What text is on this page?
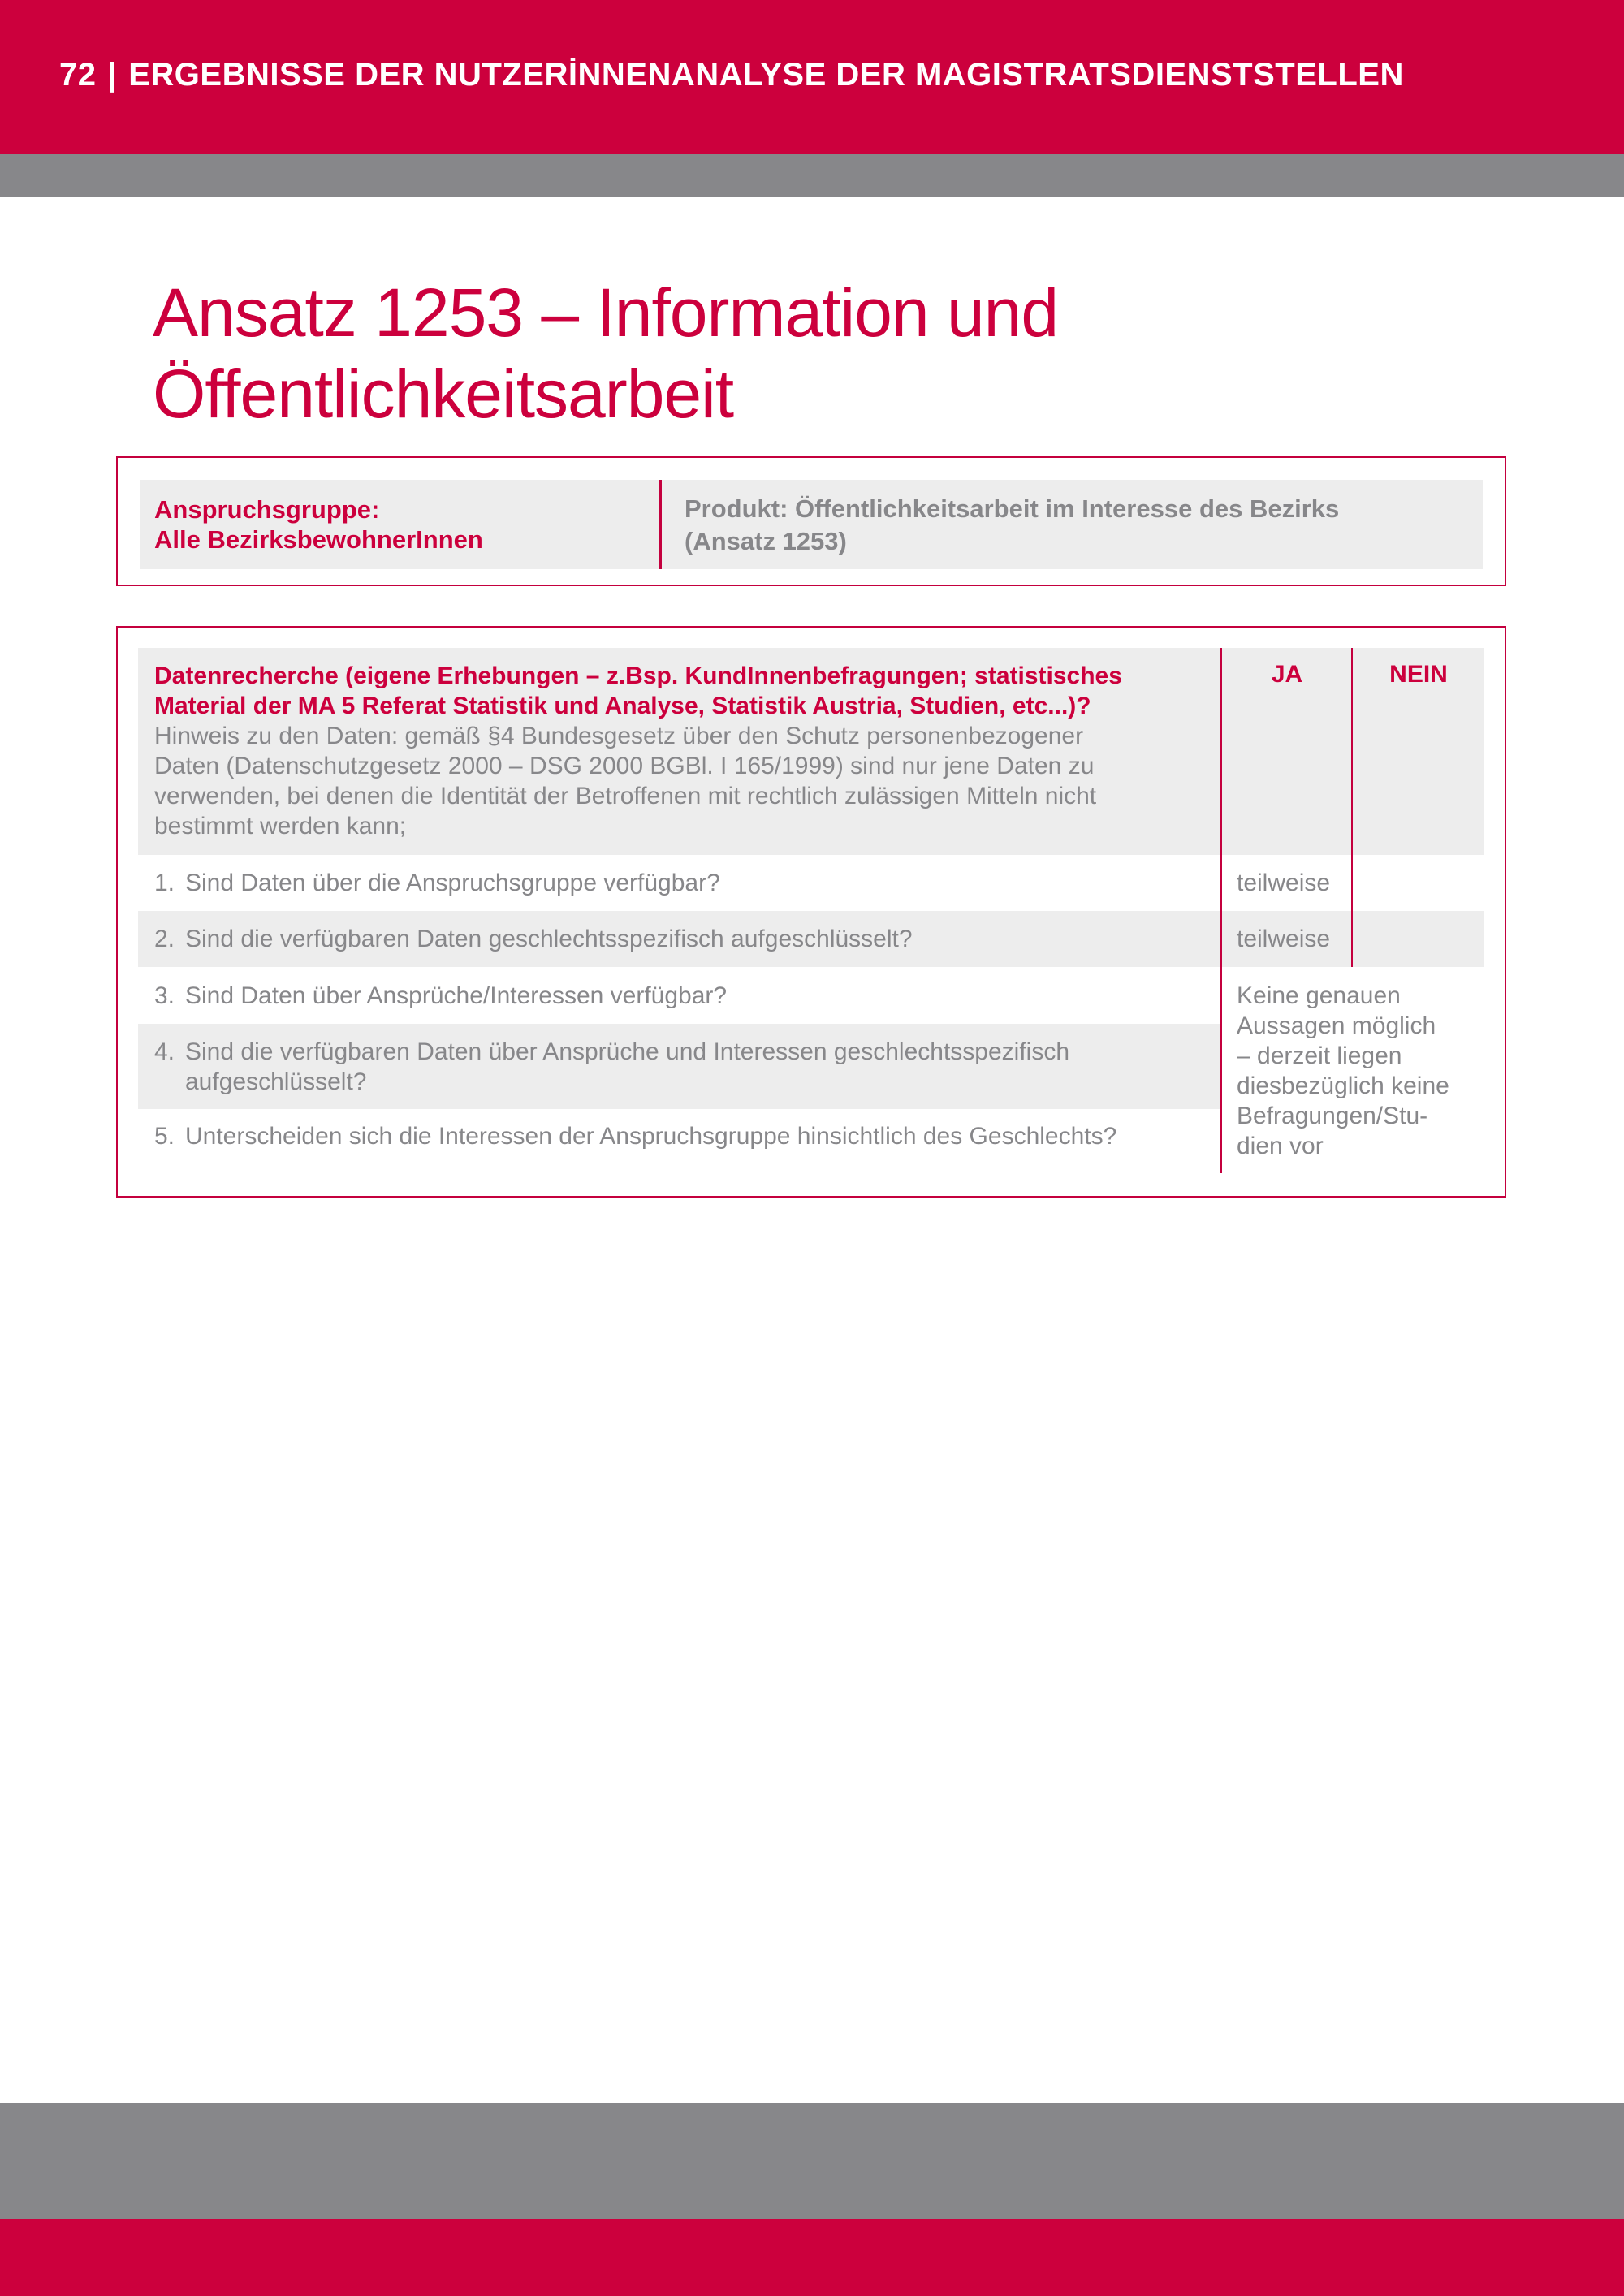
72 | ERGEBNISSE DER NUTZERİNNENANALYSE DER MAGISTRATSDIENSTSTELLEN
Ansatz 1253 – Information und
Öffentlichkeitsarbeit
Anspruchsgruppe:
Alle BezirksbewohnerInnen
Produkt: Öffentlichkeitsarbeit im Interesse des Bezirks
(Ansatz 1253)
Datenrecherche (eigene Erhebungen – z.Bsp. KundInnenbefragungen; statistisches
Material der MA 5 Referat Statistik und Analyse, Statistik Austria, Studien, etc...)?
Hinweis zu den Daten: gemäß §4 Bundesgesetz über den Schutz personenbezogener
Daten (Datenschutzgesetz 2000 – DSG 2000 BGBl. I 165/1999) sind nur jene Daten zu
verwenden, bei denen die Identität der Betroffenen mit rechtlich zulässigen Mitteln nicht
bestimmt werden kann;
JA	NEIN
1. Sind Daten über die Anspruchsgruppe verfügbar?
2. Sind die verfügbaren Daten geschlechtsspezifisch aufgeschlüsselt?
3. Sind Daten über Ansprüche/Interessen verfügbar?
4. Sind die verfügbaren Daten über Ansprüche und Interessen geschlechtsspezifisch
aufgeschlüsselt?
5. Unterscheiden sich die Interessen der Anspruchsgruppe hinsichtlich des Geschlechts?
teilweise
teilweise
Keine genauen
Aussagen möglich
– derzeit liegen
diesbezüglich keine
Befragungen/Stu-
dien vor
